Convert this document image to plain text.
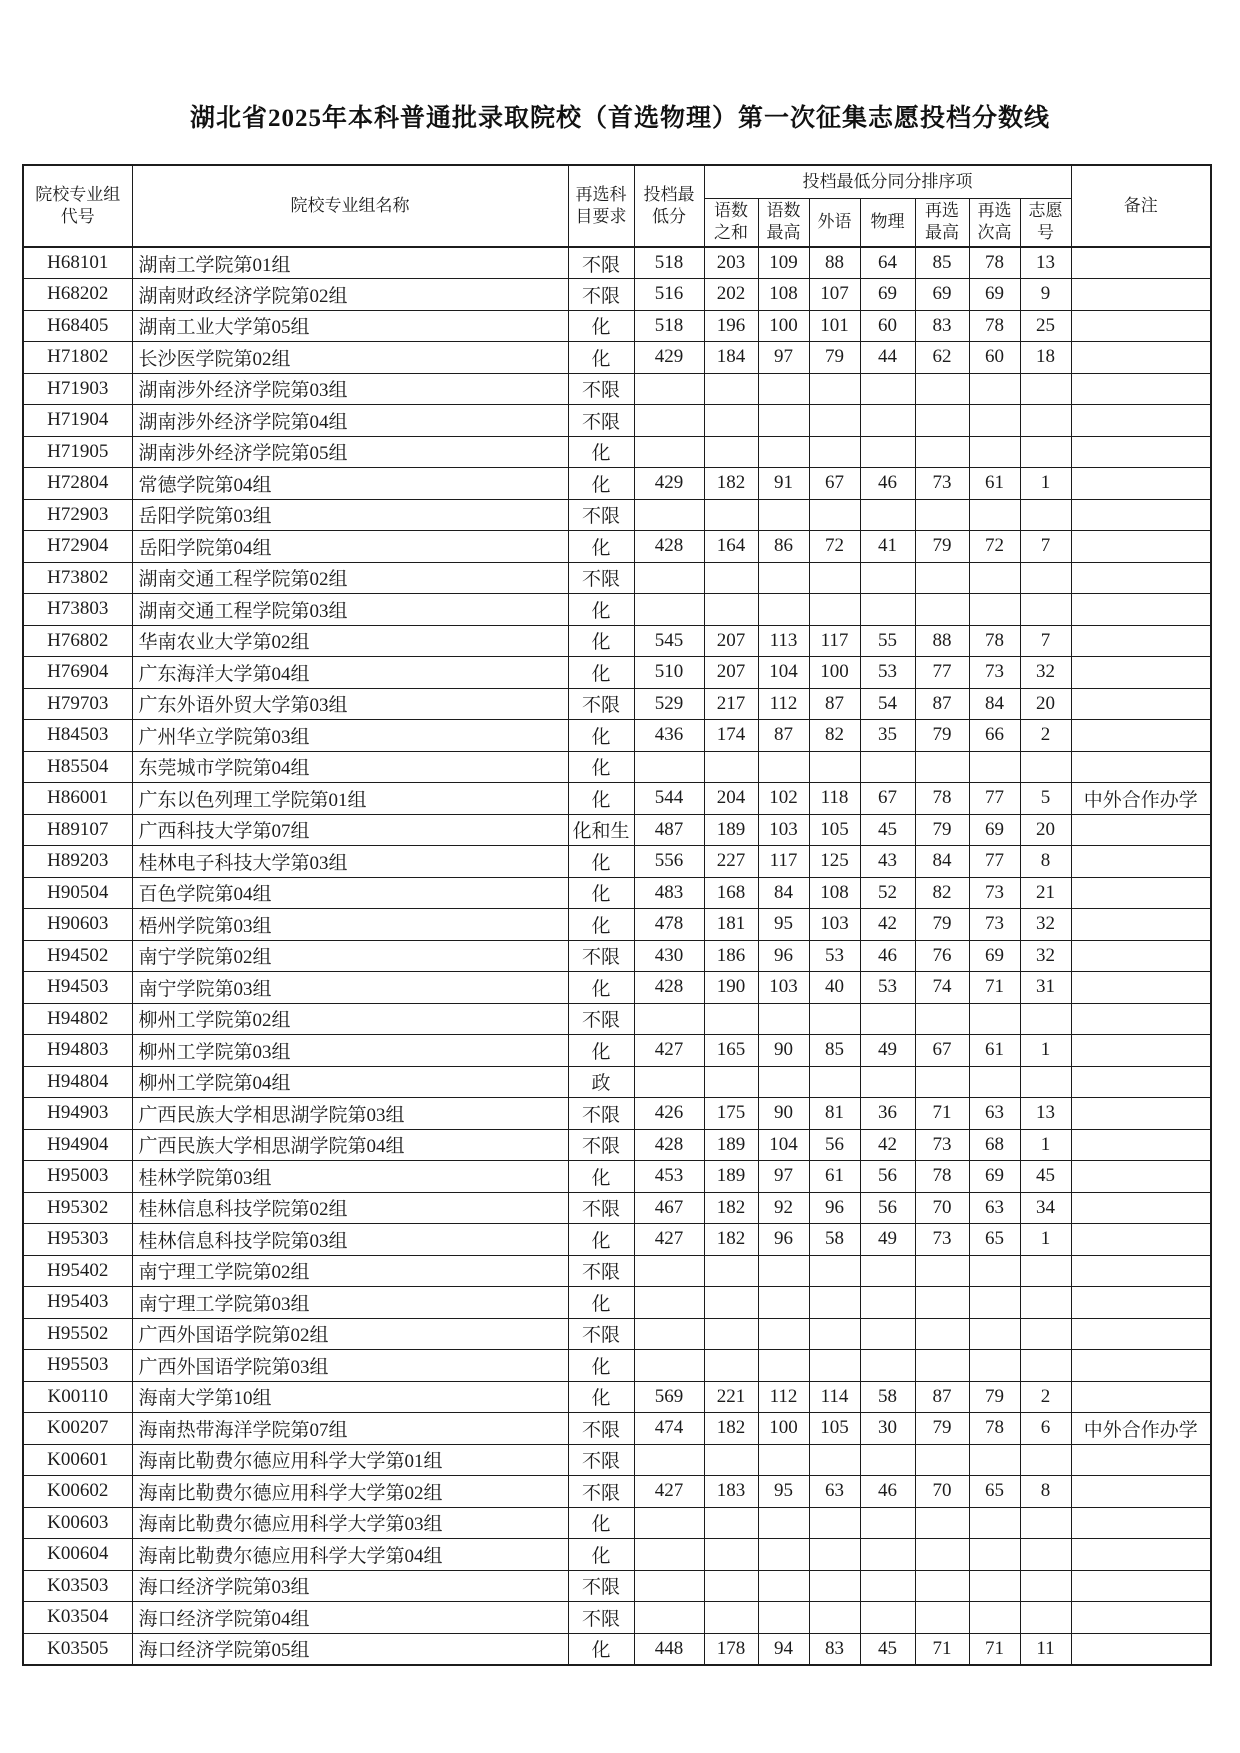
湖北省2025年本科普通批录取院校（首选物理）第一次征集志愿投档分数线
院校专业组代号	院校专业组名称	再选科目要求	投档最低分	投档最低分同分排序项							备注
				语数之和	语数最高	外语	物理	再选最高	再选次高	志愿号	
H68101	湖南工学院第01组	不限	518	203	109	88	64	85	78	13	
H68202	湖南财政经济学院第02组	不限	516	202	108	107	69	69	69	9	
H68405	湖南工业大学第05组	化	518	196	100	101	60	83	78	25	
H71802	长沙医学院第02组	化	429	184	97	79	44	62	60	18	
H71903	湖南涉外经济学院第03组	不限									
H71904	湖南涉外经济学院第04组	不限									
H71905	湖南涉外经济学院第05组	化									
H72804	常德学院第04组	化	429	182	91	67	46	73	61	1	
H72903	岳阳学院第03组	不限									
H72904	岳阳学院第04组	化	428	164	86	72	41	79	72	7	
H73802	湖南交通工程学院第02组	不限									
H73803	湖南交通工程学院第03组	化									
H76802	华南农业大学第02组	化	545	207	113	117	55	88	78	7	
H76904	广东海洋大学第04组	化	510	207	104	100	53	77	73	32	
H79703	广东外语外贸大学第03组	不限	529	217	112	87	54	87	84	20	
H84503	广州华立学院第03组	化	436	174	87	82	35	79	66	2	
H85504	东莞城市学院第04组	化									
H86001	广东以色列理工学院第01组	化	544	204	102	118	67	78	77	5	中外合作办学
H89107	广西科技大学第07组	化和生	487	189	103	105	45	79	69	20	
H89203	桂林电子科技大学第03组	化	556	227	117	125	43	84	77	8	
H90504	百色学院第04组	化	483	168	84	108	52	82	73	21	
H90603	梧州学院第03组	化	478	181	95	103	42	79	73	32	
H94502	南宁学院第02组	不限	430	186	96	53	46	76	69	32	
H94503	南宁学院第03组	化	428	190	103	40	53	74	71	31	
H94802	柳州工学院第02组	不限									
H94803	柳州工学院第03组	化	427	165	90	85	49	67	61	1	
H94804	柳州工学院第04组	政									
H94903	广西民族大学相思湖学院第03组	不限	426	175	90	81	36	71	63	13	
H94904	广西民族大学相思湖学院第04组	不限	428	189	104	56	42	73	68	1	
H95003	桂林学院第03组	化	453	189	97	61	56	78	69	45	
H95302	桂林信息科技学院第02组	不限	467	182	92	96	56	70	63	34	
H95303	桂林信息科技学院第03组	化	427	182	96	58	49	73	65	1	
H95402	南宁理工学院第02组	不限									
H95403	南宁理工学院第03组	化									
H95502	广西外国语学院第02组	不限									
H95503	广西外国语学院第03组	化									
K00110	海南大学第10组	化	569	221	112	114	58	87	79	2	
K00207	海南热带海洋学院第07组	不限	474	182	100	105	30	79	78	6	中外合作办学
K00601	海南比勒费尔德应用科学大学第01组	不限									
K00602	海南比勒费尔德应用科学大学第02组	不限	427	183	95	63	46	70	65	8	
K00603	海南比勒费尔德应用科学大学第03组	化									
K00604	海南比勒费尔德应用科学大学第04组	化									
K03503	海口经济学院第03组	不限									
K03504	海口经济学院第04组	不限									
K03505	海口经济学院第05组	化	448	178	94	83	45	71	71	11	
